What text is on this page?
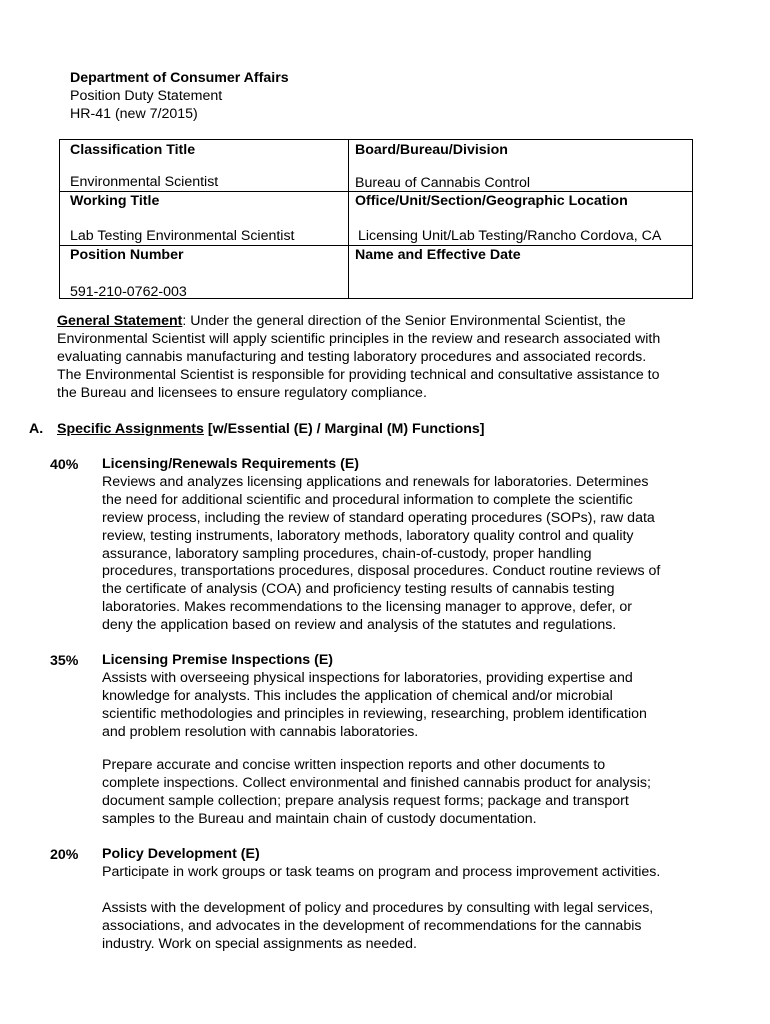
Department of Consumer Affairs
Position Duty Statement
HR-41 (new 7/2015)
Classification Title
Environmental Scientist
Board/Bureau/Division
Bureau of Cannabis Control
Working Title
Lab Testing Environmental Scientist
Office/Unit/Section/Geographic Location
Licensing Unit/Lab Testing/Rancho Cordova, CA
Position Number
591-210-0762-003
Name and Effective Date
General Statement: Under the general direction of the Senior Environmental Scientist, the
Environmental Scientist will apply scientific principles in the review and research associated with
evaluating cannabis manufacturing and testing laboratory procedures and associated records.
The Environmental Scientist is responsible for providing technical and consultative assistance to
the Bureau and licensees to ensure regulatory compliance.
A. Specific Assignments [w/Essential (E) / Marginal (M) Functions]
40% Licensing/Renewals Requirements (E)
Reviews and analyzes licensing applications and renewals for laboratories. Determines
the need for additional scientific and procedural information to complete the scientific
review process, including the review of standard operating procedures (SOPs), raw data
review, testing instruments, laboratory methods, laboratory quality control and quality
assurance, laboratory sampling procedures, chain-of-custody, proper handling
procedures, transportations procedures, disposal procedures. Conduct routine reviews of
the certificate of analysis (COA) and proficiency testing results of cannabis testing
laboratories. Makes recommendations to the licensing manager to approve, defer, or
deny the application based on review and analysis of the statutes and regulations.
35% Licensing Premise Inspections (E)
Assists with overseeing physical inspections for laboratories, providing expertise and
knowledge for analysts. This includes the application of chemical and/or microbial
scientific methodologies and principles in reviewing, researching, problem identification
and problem resolution with cannabis laboratories.
Prepare accurate and concise written inspection reports and other documents to
complete inspections. Collect environmental and finished cannabis product for analysis;
document sample collection; prepare analysis request forms; package and transport
samples to the Bureau and maintain chain of custody documentation.
20% Policy Development (E)
Participate in work groups or task teams on program and process improvement activities.
Assists with the development of policy and procedures by consulting with legal services,
associations, and advocates in the development of recommendations for the cannabis
industry. Work on special assignments as needed.
